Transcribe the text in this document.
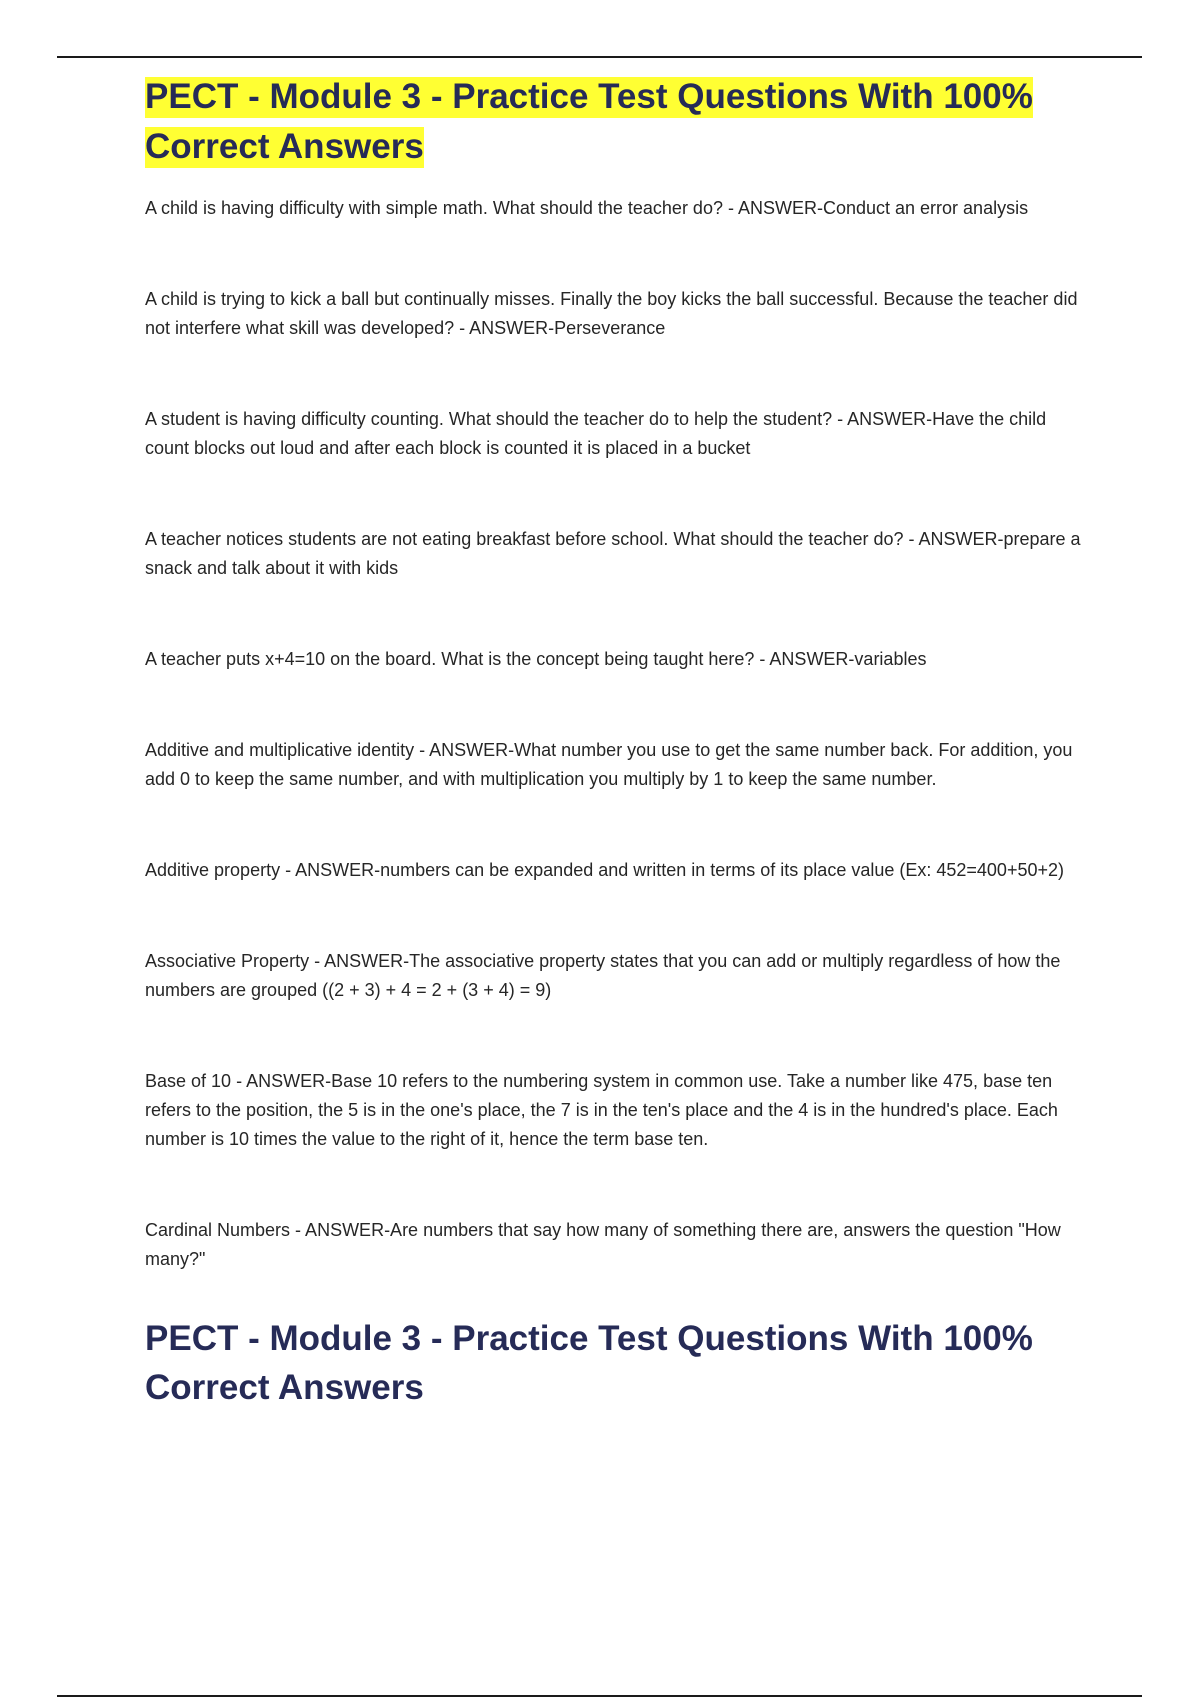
PECT - Module 3 - Practice Test Questions With 100% Correct Answers

A child is having difficulty with simple math. What should the teacher do? - ANSWER-Conduct an error analysis

A child is trying to kick a ball but continually misses. Finally the boy kicks the ball successful. Because the teacher did not interfere what skill was developed? - ANSWER-Perseverance

A student is having difficulty counting. What should the teacher do to help the student? - ANSWER-Have the child count blocks out loud and after each block is counted it is placed in a bucket

A teacher notices students are not eating breakfast before school. What should the teacher do? - ANSWER-prepare a snack and talk about it with kids

A teacher puts x+4=10 on the board. What is the concept being taught here? - ANSWER-variables

Additive and multiplicative identity - ANSWER-What number you use to get the same number back. For addition, you add 0 to keep the same number, and with multiplication you multiply by 1 to keep the same number.

Additive property - ANSWER-numbers can be expanded and written in terms of its place value (Ex: 452=400+50+2)

Associative Property - ANSWER-The associative property states that you can add or multiply regardless of how the numbers are grouped ((2 + 3) + 4 = 2 + (3 + 4) = 9)

Base of 10 - ANSWER-Base 10 refers to the numbering system in common use. Take a number like 475, base ten refers to the position, the 5 is in the one's place, the 7 is in the ten's place and the 4 is in the hundred's place. Each number is 10 times the value to the right of it, hence the term base ten.

Cardinal Numbers - ANSWER-Are numbers that say how many of something there are, answers the question "How many?"

PECT - Module 3 - Practice Test Questions With 100% Correct Answers
